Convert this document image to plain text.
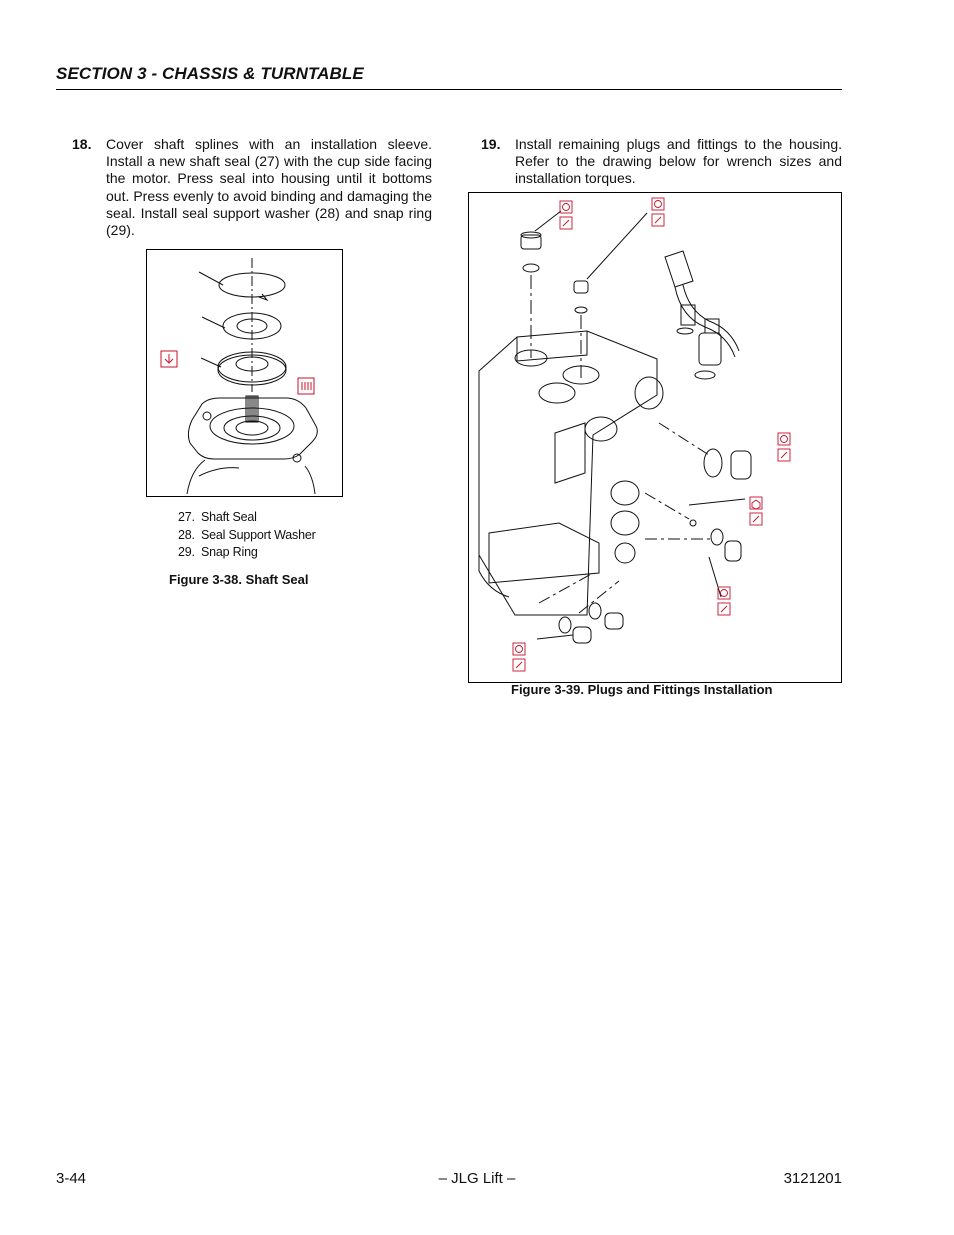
SECTION 3 - CHASSIS & TURNTABLE
18. Cover shaft splines with an installation sleeve. Install a new shaft seal (27) with the cup side facing the motor. Press seal into housing until it bottoms out. Press evenly to avoid binding and damaging the seal. Install seal support washer (28) and snap ring (29).
19. Install remaining plugs and fittings to the housing. Refer to the drawing below for wrench sizes and installation torques.
27. Shaft Seal
28. Seal Support Washer
29. Snap Ring
Figure 3-38. Shaft Seal
Figure 3-39. Plugs and Fittings Installation
3-44	– JLG Lift –	3121201
